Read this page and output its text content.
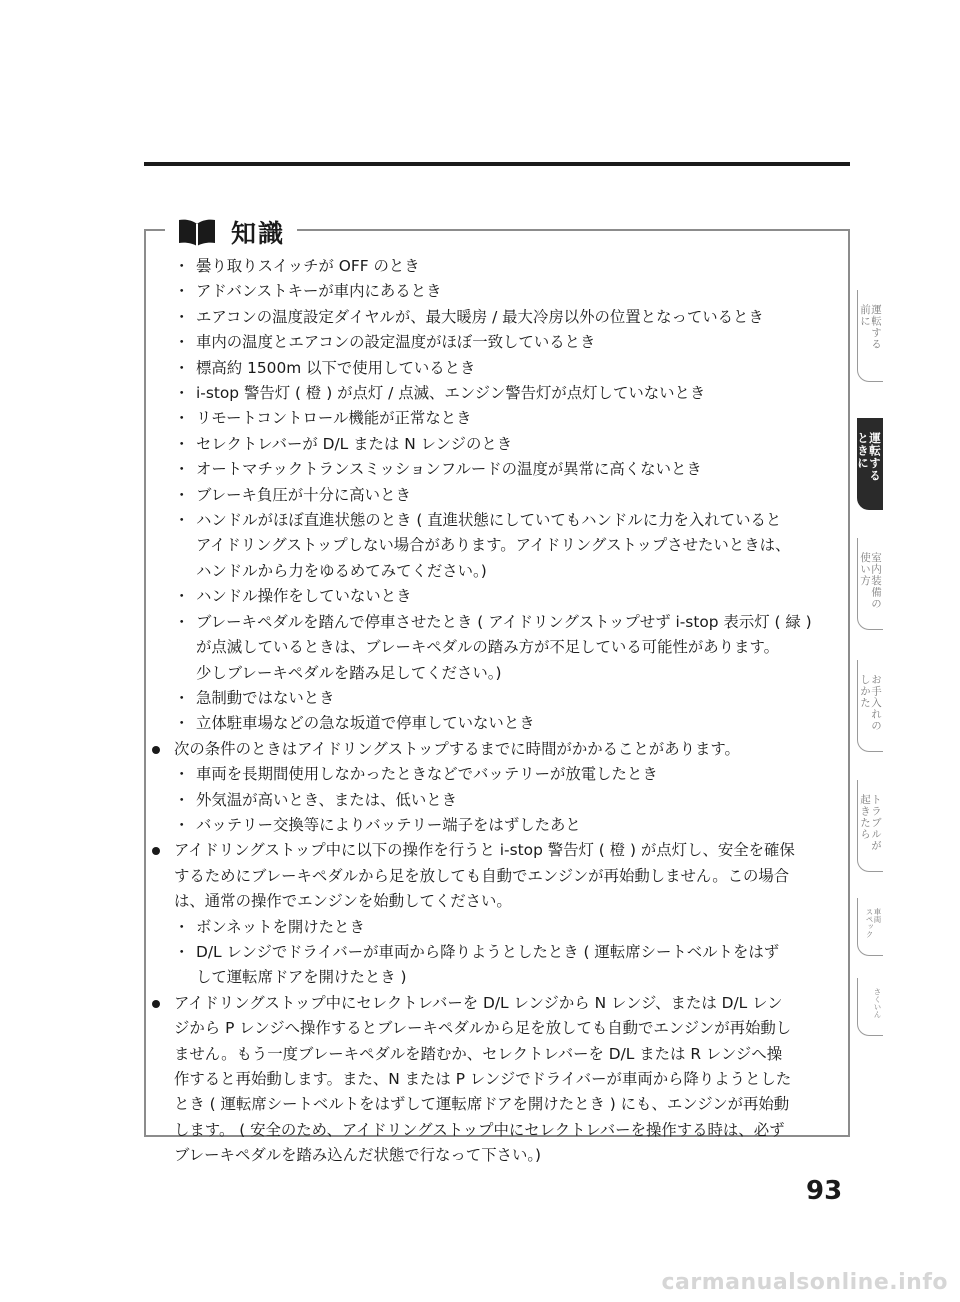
知識
・ 曇り取りスイッチが OFF のとき
・ アドバンストキーが車内にあるとき
・ エアコンの温度設定ダイヤルが、最大暖房 / 最大冷房以外の位置となっているとき
・ 車内の温度とエアコンの設定温度がほぼ一致しているとき
・ 標高約 1500m 以下で使用しているとき
・ i-stop 警告灯 ( 橙 ) が点灯 / 点滅、エンジン警告灯が点灯していないとき
・ リモートコントロール機能が正常なとき
・ セレクトレバーが D/L または N レンジのとき
・ オートマチックトランスミッションフルードの温度が異常に高くないとき
・ ブレーキ負圧が十分に高いとき
・ ハンドルがほぼ直進状態のとき ( 直進状態にしていてもハンドルに力を入れていると
アイドリングストップしない場合があります。アイドリングストップさせたいときは、
ハンドルから力をゆるめてみてください。)
・ ハンドル操作をしていないとき
・ ブレーキペダルを踏んで停車させたとき ( アイドリングストップせず i-stop 表示灯 ( 緑 )
が点滅しているときは、ブレーキペダルの踏み方が不足している可能性があります。
少しブレーキペダルを踏み足してください。)
・ 急制動ではないとき
・ 立体駐車場などの急な坂道で停車していないとき
次の条件のときはアイドリングストップするまでに時間がかかることがあります。
・ 車両を長期間使用しなかったときなどでバッテリーが放電したとき
・ 外気温が高いとき、または、低いとき
・ バッテリー交換等によりバッテリー端子をはずしたあと
アイドリングストップ中に以下の操作を行うと i-stop 警告灯 ( 橙 ) が点灯し、安全を確保
するためにブレーキペダルから足を放しても自動でエンジンが再始動しません。この場合
は、通常の操作でエンジンを始動してください。
・ ボンネットを開けたとき
・ D/L レンジでドライバーが車両から降りようとしたとき ( 運転席シートベルトをはず
して運転席ドアを開けたとき )
アイドリングストップ中にセレクトレバーを D/L レンジから N レンジ、または D/L レン
ジから P レンジへ操作するとブレーキペダルから足を放しても自動でエンジンが再始動し
ません。もう一度ブレーキペダルを踏むか、セレクトレバーを D/L または R レンジへ操
作すると再始動します。また、N または P レンジでドライバーが車両から降りようとした
とき ( 運転席シートベルトをはずして運転席ドアを開けたとき ) にも、エンジンが再始動
します。 ( 安全のため、アイドリングストップ中にセレクトレバーを操作する時は、必ず
ブレーキペダルを踏み込んだ状態で行なって下さい。)
運転する
前に
運転する
ときに
室内装備の
使い方
お手入れの
しかた
トラブルが
起きたら
車両
スペック
さくいん
93
carmanualsonline.info
